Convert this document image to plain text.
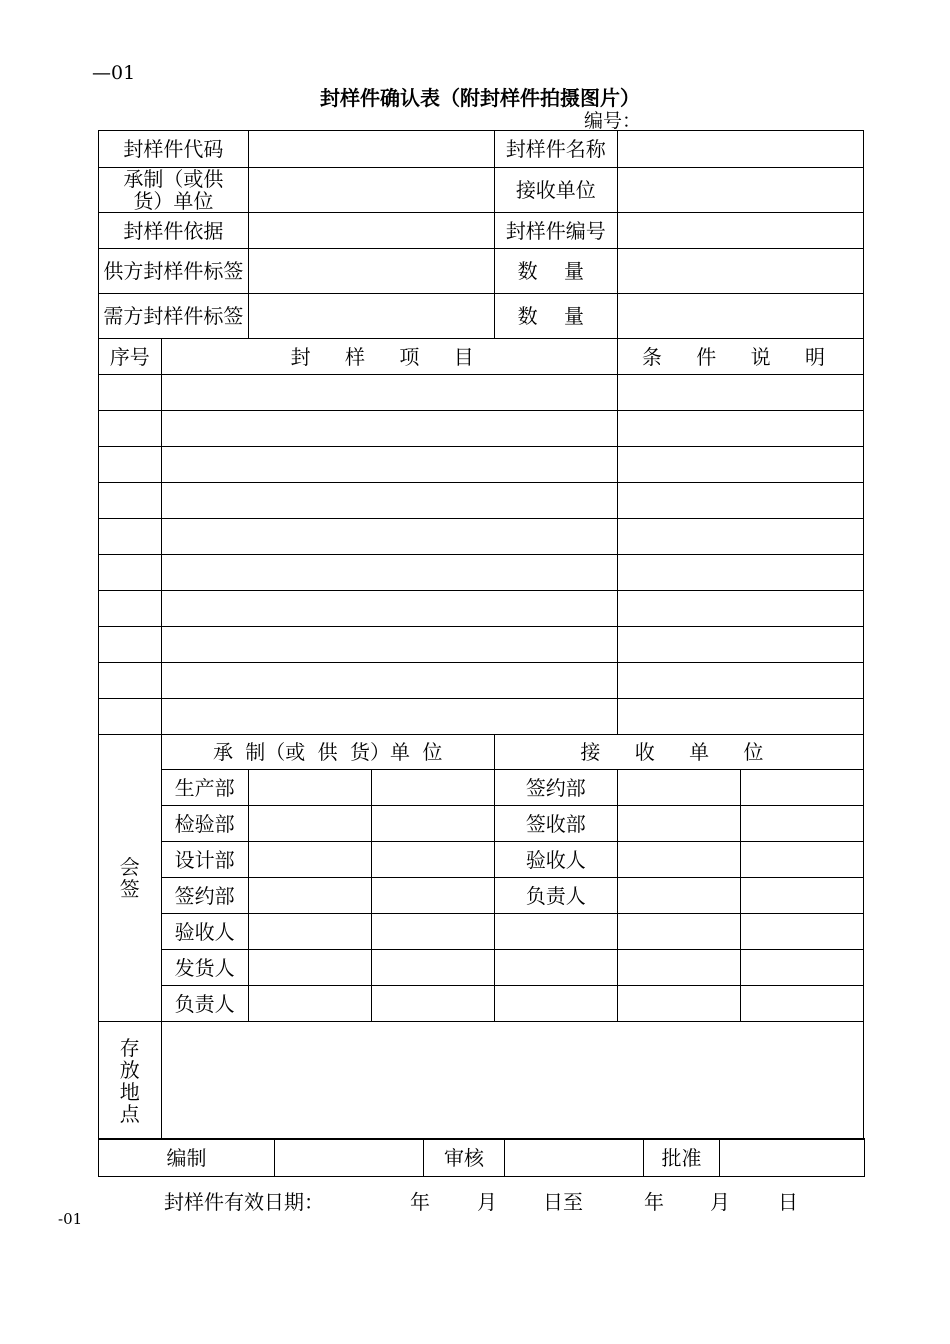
—01
封样件确认表（附封样件拍摄图片）
编号：
封样件代码				封样件名称		

承制（或供货）单位				接收单位		
封样件依据				封样件编号		

供方封样件标签				数 量		

需方封样件标签				数 量		
序号	封 样 项 目				条 件 说 明	

会签	承 制（或 供 货）单 位			接 收 单 位		
	生产部			签约部		
	检验部			签收部		
	设计部			验收人		
	签约部			负责人		
	验收人					
	发货人					
	负责人					

存放地点						

编制		审核		批准	
封样件有效日期：	年 月 日至	年 月 日
-01
